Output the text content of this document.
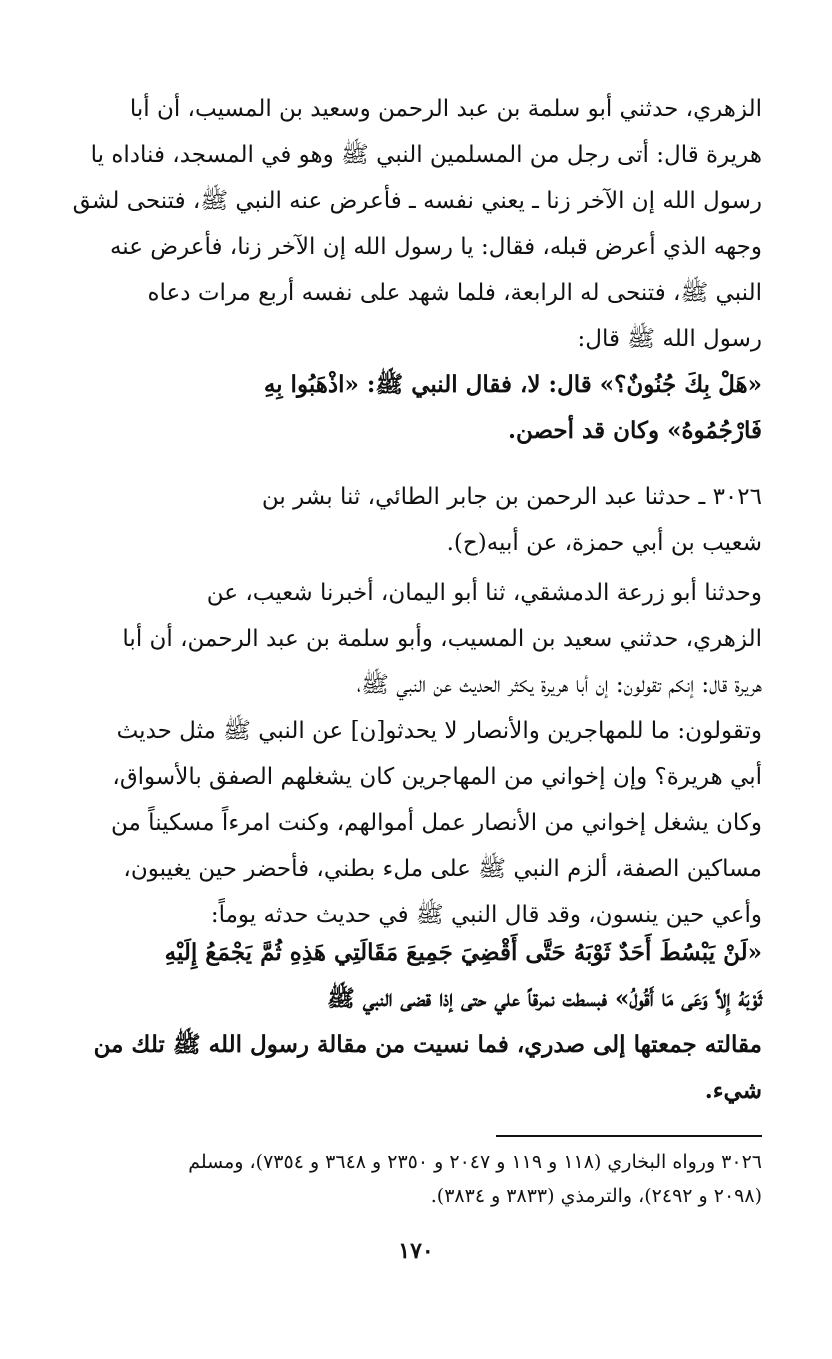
الزهري، حدثني أبو سلمة بن عبد الرحمن وسعيد بن المسيب، أن أبا
هريرة قال: أتى رجل من المسلمين النبي ﷺ وهو في المسجد، فناداه يا
رسول الله إن الآخر زنا ـ يعني نفسه ـ فأعرض عنه النبي ﷺ، فتنحى لشق
وجهه الذي أعرض قبله، فقال: يا رسول الله إن الآخر زنا، فأعرض عنه
النبي ﷺ، فتنحى له الرابعة، فلما شهد على نفسه أربع مرات دعاه
رسول الله ﷺ قال:
«هَلْ بِكَ جُنُونٌ؟» قال: لا، فقال النبي ﷺ: «اذْهَبُوا بِهِ
فَارْجُمُوهُ» وكان قد أحصن.
٣٠٢٦ ـ حدثنا عبد الرحمن بن جابر الطائي، ثنا بشر بن
شعيب بن أبي حمزة، عن أبيه(ح).
وحدثنا أبو زرعة الدمشقي، ثنا أبو اليمان، أخبرنا شعيب، عن
الزهري، حدثني سعيد بن المسيب، وأبو سلمة بن عبد الرحمن، أن أبا
هريرة قال: إنكم تقولون: إن أبا هريرة يكثر الحديث عن النبي ﷺ،
وتقولون: ما للمهاجرين والأنصار لا يحدثو[ن] عن النبي ﷺ مثل حديث
أبي هريرة؟ وإن إخواني من المهاجرين كان يشغلهم الصفق بالأسواق،
وكان يشغل إخواني من الأنصار عمل أموالهم، وكنت امرءاً مسكيناً من
مساكين الصفة، ألزم النبي ﷺ على ملء بطني، فأحضر حين يغيبون،
وأعي حين ينسون، وقد قال النبي ﷺ في حديث حدثه يوماً:
«لَنْ يَبْسُطَ أَحَدٌ ثَوْبَهُ حَتَّى أَقْضِيَ جَمِيعَ مَقَالَتِي هَذِهِ ثُمَّ يَجْمَعُ إِلَيْهِ
ثَوْبَهُ إِلاَّ وَعَى مَا أَقُولُ» فبسطت نمرقاً علي حتى إذا قضى النبي ﷺ
مقالته جمعتها إلى صدري، فما نسيت من مقالة رسول الله ﷺ تلك من
شيء.
٣٠٢٦ ورواه البخاري (١١٨ و ١١٩ و ٢٠٤٧ و ٢٣٥٠ و ٣٦٤٨ و ٧٣٥٤)، ومسلم
(٢٠٩٨ و ٢٤٩٢)، والترمذي (٣٨٣٣ و ٣٨٣٤).
١٧٠
